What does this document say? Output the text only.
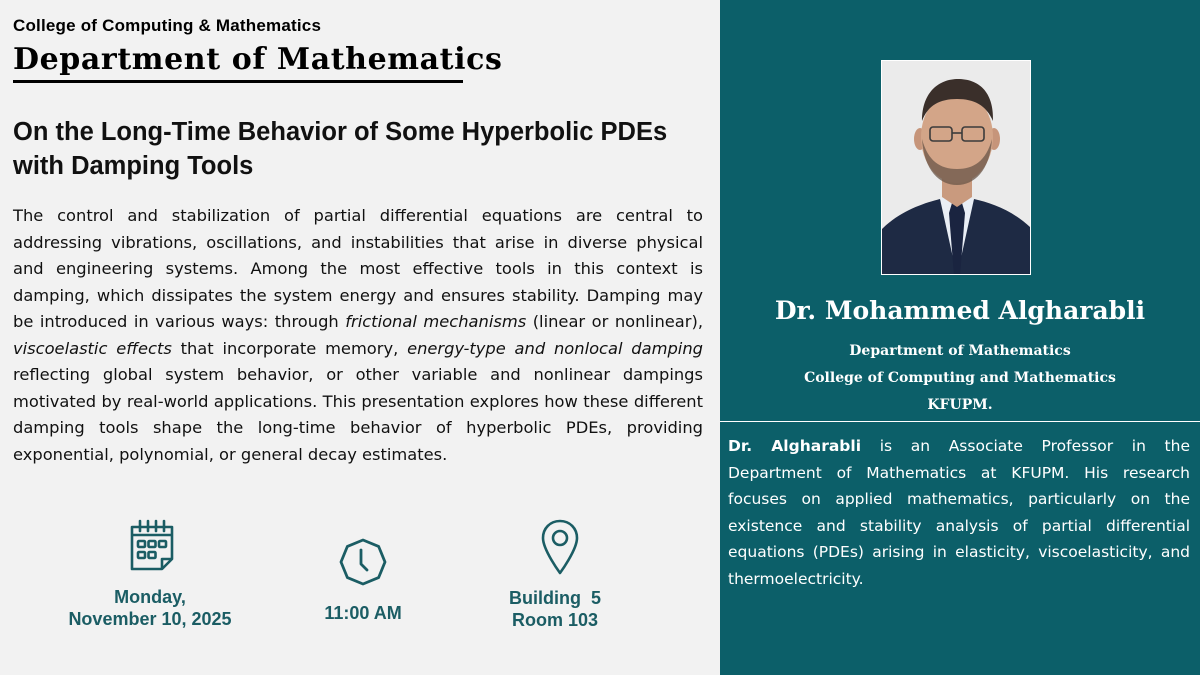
College of Computing & Mathematics
Department of Mathematics
On the Long-Time Behavior of Some Hyperbolic PDEs with Damping Tools
The control and stabilization of partial differential equations are central to addressing vibrations, oscillations, and instabilities that arise in diverse physical and engineering systems. Among the most effective tools in this context is damping, which dissipates the system energy and ensures stability. Damping may be introduced in various ways: through frictional mechanisms (linear or nonlinear), viscoelastic effects that incorporate memory, energy-type and nonlocal damping reflecting global system behavior, or other variable and nonlinear dampings motivated by real-world applications. This presentation explores how these different damping tools shape the long-time behavior of hyperbolic PDEs, providing exponential, polynomial, or general decay estimates.
Monday,
November 10, 2025	11:00 AM
Building  5
Room 103
Dr. Mohammed Algharabli
Department of Mathematics
College of Computing and Mathematics
KFUPM.
Dr. Algharabli is an Associate Professor in the Department of Mathematics at KFUPM. His research focuses on applied mathematics, particularly on the existence and stability analysis of partial differential equations (PDEs) arising in elasticity, viscoelasticity, and thermoelectricity.
